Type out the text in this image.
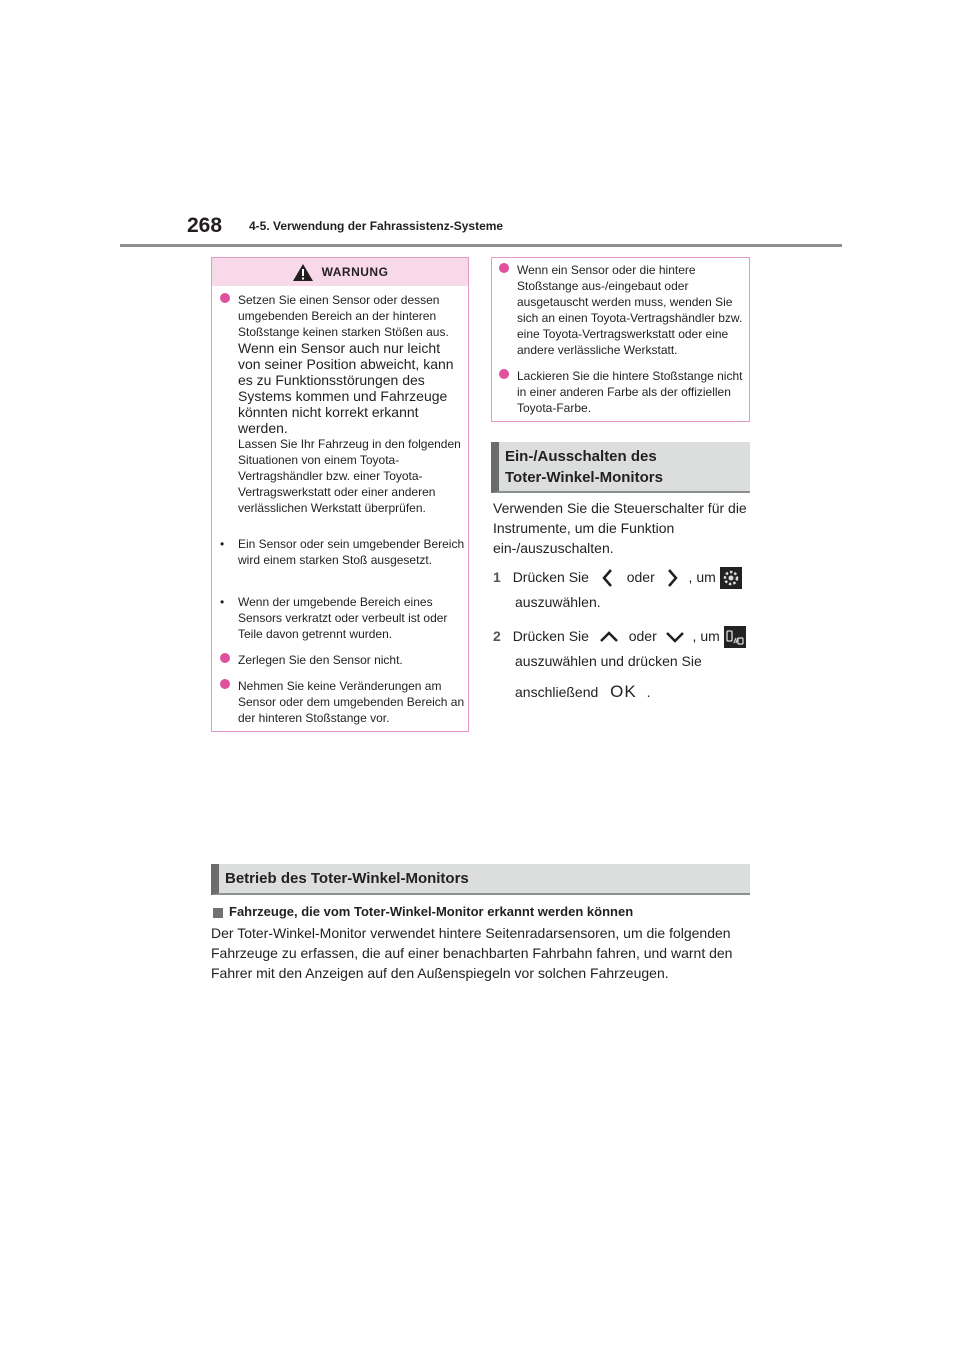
268 4-5. Verwendung der Fahrassistenz-Systeme
WARNUNG
Setzen Sie einen Sensor oder dessen umgebenden Bereich an der hinteren Stoßstange keinen starken Stößen aus.
Wenn ein Sensor auch nur leicht von seiner Position abweicht, kann es zu Funktionsstörungen des Systems kommen und Fahrzeuge könnten nicht korrekt erkannt werden.
Lassen Sie Ihr Fahrzeug in den folgenden Situationen von einem Toyota-Vertragshändler bzw. einer Toyota-Vertragswerkstatt oder einer anderen verlässlichen Werkstatt überprüfen.
•	Ein Sensor oder sein umgebender Bereich wird einem starken Stoß ausgesetzt.
•	Wenn der umgebende Bereich eines Sensors verkratzt oder verbeult ist oder Teile davon getrennt wurden.
Zerlegen Sie den Sensor nicht.
Nehmen Sie keine Veränderungen am Sensor oder dem umgebenden Bereich an der hinteren Stoßstange vor.
Wenn ein Sensor oder die hintere Stoßstange aus-/eingebaut oder ausgetauscht werden muss, wenden Sie sich an einen Toyota-Vertragshändler bzw. eine Toyota-Vertragswerkstatt oder eine andere verlässliche Werkstatt.
Lackieren Sie die hintere Stoßstange nicht in einer anderen Farbe als der offiziellen Toyota-Farbe.
Ein-/Ausschalten des
Toter-Winkel-Monitors
Verwenden Sie die Steuerschalter für die Instrumente, um die Funktion ein-/auszuschalten.
1 Drücken Sie	oder , um
auszuwählen.
2 Drücken Sie	oder	, um
auszuwählen und drücken Sie
anschließend OK .
Betrieb des Toter-Winkel-Monitors
Fahrzeuge, die vom Toter-Winkel-Monitor erkannt werden können
Der Toter-Winkel-Monitor verwendet hintere Seitenradarsensoren, um die folgenden Fahrzeuge zu erfassen, die auf einer benachbarten Fahrbahn fahren, und warnt den Fahrer mit den Anzeigen auf den Außenspiegeln vor solchen Fahrzeugen.
